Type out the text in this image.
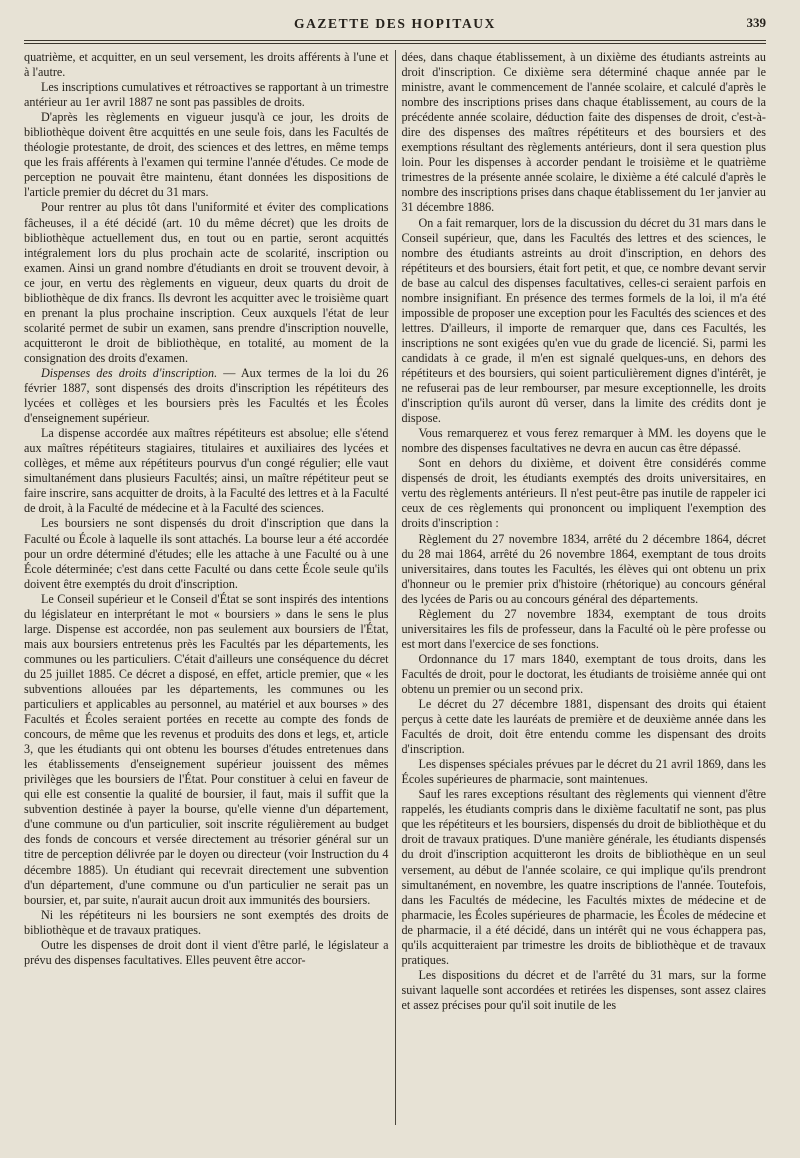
GAZETTE DES HOPITAUX	339

quatrième, et acquitter, en un seul versement, les droits afférents à l'une et à l'autre.

Les inscriptions cumulatives et rétroactives se rapportant à un trimestre antérieur au 1er avril 1887 ne sont pas passibles de droits.

D'après les règlements en vigueur jusqu'à ce jour, les droits de bibliothèque doivent être acquittés en une seule fois, dans les Facultés de théologie protestante, de droit, des sciences et des lettres, en même temps que les frais afférents à l'examen qui termine l'année d'études. Ce mode de perception ne pouvait être maintenu, étant données les dispositions de l'article premier du décret du 31 mars.

Pour rentrer au plus tôt dans l'uniformité et éviter des complications fâcheuses, il a été décidé (art. 10 du même décret) que les droits de bibliothèque actuellement dus, en tout ou en partie, seront acquittés intégralement lors du plus prochain acte de scolarité, inscription ou examen. Ainsi un grand nombre d'étudiants en droit se trouvent devoir, à ce jour, en vertu des règlements en vigueur, deux quarts du droit de bibliothèque de dix francs. Ils devront les acquitter avec le troisième quart en prenant la plus prochaine inscription. Ceux auxquels l'état de leur scolarité permet de subir un examen, sans prendre d'inscription nouvelle, acquitteront le droit de bibliothèque, en totalité, au moment de la consignation des droits d'examen.

Dispenses des droits d'inscription. — Aux termes de la loi du 26 février 1887, sont dispensés des droits d'inscription les répétiteurs des lycées et collèges et les boursiers près les Facultés et les Écoles d'enseignement supérieur.

La dispense accordée aux maîtres répétiteurs est absolue; elle s'étend aux maîtres répétiteurs stagiaires, titulaires et auxiliaires des lycées et collèges, et même aux répétiteurs pourvus d'un congé régulier; elle vaut simultanément dans plusieurs Facultés; ainsi, un maître répétiteur peut se faire inscrire, sans acquitter de droits, à la Faculté des lettres et à la Faculté de droit, à la Faculté de médecine et à la Faculté des sciences.

Les boursiers ne sont dispensés du droit d'inscription que dans la Faculté ou École à laquelle ils sont attachés. La bourse leur a été accordée pour un ordre déterminé d'études; elle les attache à une Faculté ou à une École déterminée; c'est dans cette Faculté ou dans cette École seule qu'ils doivent être exemptés du droit d'inscription.

Le Conseil supérieur et le Conseil d'État se sont inspirés des intentions du législateur en interprétant le mot « boursiers » dans le sens le plus large. Dispense est accordée, non pas seulement aux boursiers de l'État, mais aux boursiers entretenus près les Facultés par les départements, les communes ou les particuliers. C'était d'ailleurs une conséquence du décret du 25 juillet 1885. Ce décret a disposé, en effet, article premier, que « les subventions allouées par les départements, les communes ou les particuliers et applicables au personnel, au matériel et aux bourses » des Facultés et Écoles seraient portées en recette au compte des fonds de concours, de même que les revenus et produits des dons et legs, et, article 3, que les étudiants qui ont obtenu les bourses d'études entretenues dans les établissements d'enseignement supérieur jouissent des mêmes privilèges que les boursiers de l'État. Pour constituer à celui en faveur de qui elle est consentie la qualité de boursier, il faut, mais il suffit que la subvention destinée à payer la bourse, qu'elle vienne d'un département, d'une commune ou d'un particulier, soit inscrite régulièrement au budget des fonds de concours et versée directement au trésorier général sur un titre de perception délivrée par le doyen ou directeur (voir Instruction du 4 décembre 1885). Un étudiant qui recevrait directement une subvention d'un département, d'une commune ou d'un particulier ne serait pas un boursier, et, par suite, n'aurait aucun droit aux immunités des boursiers.

Ni les répétiteurs ni les boursiers ne sont exemptés des droits de bibliothèque et de travaux pratiques.

Outre les dispenses de droit dont il vient d'être parlé, le législateur a prévu des dispenses facultatives. Elles peuvent être accor-

dées, dans chaque établissement, à un dixième des étudiants astreints au droit d'inscription. Ce dixième sera déterminé chaque année par le ministre, avant le commencement de l'année scolaire, et calculé d'après le nombre des inscriptions prises dans chaque établissement, au cours de la précédente année scolaire, déduction faite des dispenses de droit, c'est-à-dire des dispenses des maîtres répétiteurs et des boursiers et des exemptions résultant des règlements antérieurs, dont il sera question plus loin. Pour les dispenses à accorder pendant le troisième et le quatrième trimestres de la présente année scolaire, le dixième a été calculé d'après le nombre des inscriptions prises dans chaque établissement du 1er janvier au 31 décembre 1886.

On a fait remarquer, lors de la discussion du décret du 31 mars dans le Conseil supérieur, que, dans les Facultés des lettres et des sciences, le nombre des étudiants astreints au droit d'inscription, en dehors des répétiteurs et des boursiers, était fort petit, et que, ce nombre devant servir de base au calcul des dispenses facultatives, celles-ci seraient parfois en nombre insignifiant. En présence des termes formels de la loi, il m'a été impossible de proposer une exception pour les Facultés des sciences et des lettres. D'ailleurs, il importe de remarquer que, dans ces Facultés, les inscriptions ne sont exigées qu'en vue du grade de licencié. Si, parmi les candidats à ce grade, il m'en est signalé quelques-uns, en dehors des répétiteurs et des boursiers, qui soient particulièrement dignes d'intérêt, je ne refuserai pas de leur rembourser, par mesure exceptionnelle, les droits d'inscription qu'ils auront dû verser, dans la limite des crédits dont je dispose.

Vous remarquerez et vous ferez remarquer à MM. les doyens que le nombre des dispenses facultatives ne devra en aucun cas être dépassé.

Sont en dehors du dixième, et doivent être considérés comme dispensés de droit, les étudiants exemptés des droits universitaires, en vertu des règlements antérieurs. Il n'est peut-être pas inutile de rappeler ici ceux de ces règlements qui prononcent ou impliquent l'exemption des droits d'inscription :

Règlement du 27 novembre 1834, arrêté du 2 décembre 1864, décret du 28 mai 1864, arrêté du 26 novembre 1864, exemptant de tous droits universitaires, dans toutes les Facultés, les élèves qui ont obtenu un prix d'honneur ou le premier prix d'histoire (rhétorique) au concours général des lycées de Paris ou au concours général des départements.

Règlement du 27 novembre 1834, exemptant de tous droits universitaires les fils de professeur, dans la Faculté où le père professe ou est mort dans l'exercice de ses fonctions.

Ordonnance du 17 mars 1840, exemptant de tous droits, dans les Facultés de droit, pour le doctorat, les étudiants de troisième année qui ont obtenu un premier ou un second prix.

Le décret du 27 décembre 1881, dispensant des droits qui étaient perçus à cette date les lauréats de première et de deuxième année dans les Facultés de droit, doit être entendu comme les dispensant des droits d'inscription.

Les dispenses spéciales prévues par le décret du 21 avril 1869, dans les Écoles supérieures de pharmacie, sont maintenues.

Sauf les rares exceptions résultant des règlements qui viennent d'être rappelés, les étudiants compris dans le dixième facultatif ne sont, pas plus que les répétiteurs et les boursiers, dispensés du droit de bibliothèque et du droit de travaux pratiques. D'une manière générale, les étudiants dispensés du droit d'inscription acquitteront les droits de bibliothèque en un seul versement, au début de l'année scolaire, ce qui implique qu'ils prendront simultanément, en novembre, les quatre inscriptions de l'année. Toutefois, dans les Facultés de médecine, les Facultés mixtes de médecine et de pharmacie, les Écoles supérieures de pharmacie, les Écoles de médecine et de pharmacie, il a été décidé, dans un intérêt qui ne vous échappera pas, qu'ils acquitteraient par trimestre les droits de bibliothèque et de travaux pratiques.

Les dispositions du décret et de l'arrêté du 31 mars, sur la forme suivant laquelle sont accordées et retirées les dispenses, sont assez claires et assez précises pour qu'il soit inutile de les
